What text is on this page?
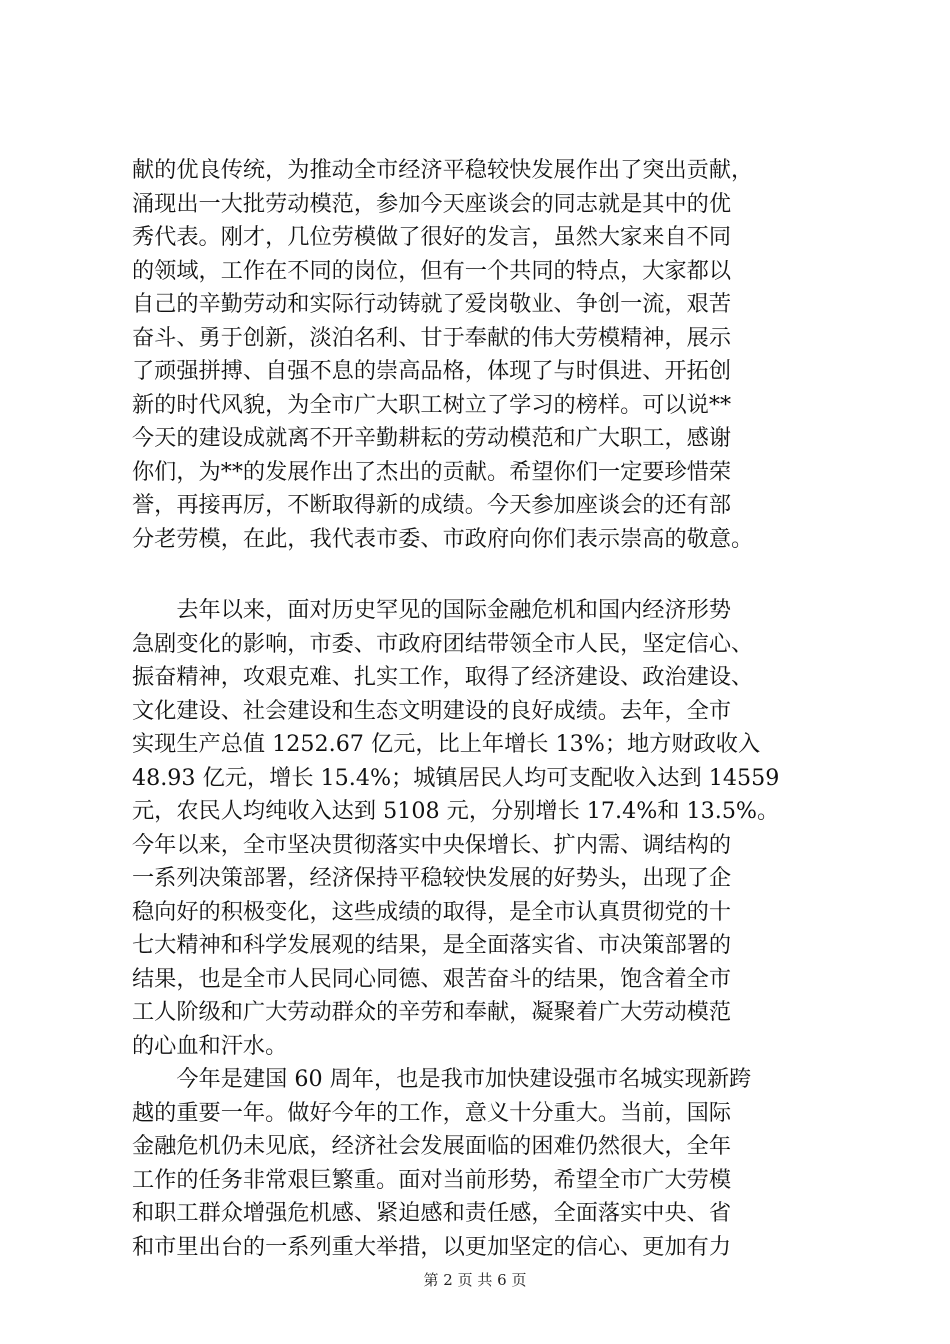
献的优良传统，为推动全市经济平稳较快发展作出了突出贡献，
涌现出一大批劳动模范，参加今天座谈会的同志就是其中的优
秀代表。刚才，几位劳模做了很好的发言，虽然大家来自不同
的领域，工作在不同的岗位，但有一个共同的特点，大家都以
自己的辛勤劳动和实际行动铸就了爱岗敬业、争创一流，艰苦
奋斗、勇于创新，淡泊名利、甘于奉献的伟大劳模精神，展示
了顽强拼搏、自强不息的崇高品格，体现了与时俱进、开拓创
新的时代风貌，为全市广大职工树立了学习的榜样。可以说**
今天的建设成就离不开辛勤耕耘的劳动模范和广大职工，感谢
你们，为**的发展作出了杰出的贡献。希望你们一定要珍惜荣
誉，再接再厉，不断取得新的成绩。今天参加座谈会的还有部
分老劳模，在此，我代表市委、市政府向你们表示崇高的敬意。
　　去年以来，面对历史罕见的国际金融危机和国内经济形势
急剧变化的影响，市委、市政府团结带领全市人民，坚定信心、
振奋精神，攻艰克难、扎实工作，取得了经济建设、政治建设、
文化建设、社会建设和生态文明建设的良好成绩。去年，全市
实现生产总值 1252.67 亿元，比上年增长 13%；地方财政收入
48.93 亿元，增长 15.4%；城镇居民人均可支配收入达到 14559
元，农民人均纯收入达到 5108 元，分别增长 17.4%和 13.5%。
今年以来，全市坚决贯彻落实中央保增长、扩内需、调结构的
一系列决策部署，经济保持平稳较快发展的好势头，出现了企
稳向好的积极变化，这些成绩的取得，是全市认真贯彻党的十
七大精神和科学发展观的结果，是全面落实省、市决策部署的
结果，也是全市人民同心同德、艰苦奋斗的结果，饱含着全市
工人阶级和广大劳动群众的辛劳和奉献，凝聚着广大劳动模范
的心血和汗水。
　　今年是建国 60 周年，也是我市加快建设强市名城实现新跨
越的重要一年。做好今年的工作，意义十分重大。当前，国际
金融危机仍未见底，经济社会发展面临的困难仍然很大，全年
工作的任务非常艰巨繁重。面对当前形势，希望全市广大劳模
和职工群众增强危机感、紧迫感和责任感，全面落实中央、省
和市里出台的一系列重大举措，以更加坚定的信心、更加有力
第 2 页 共 6 页
